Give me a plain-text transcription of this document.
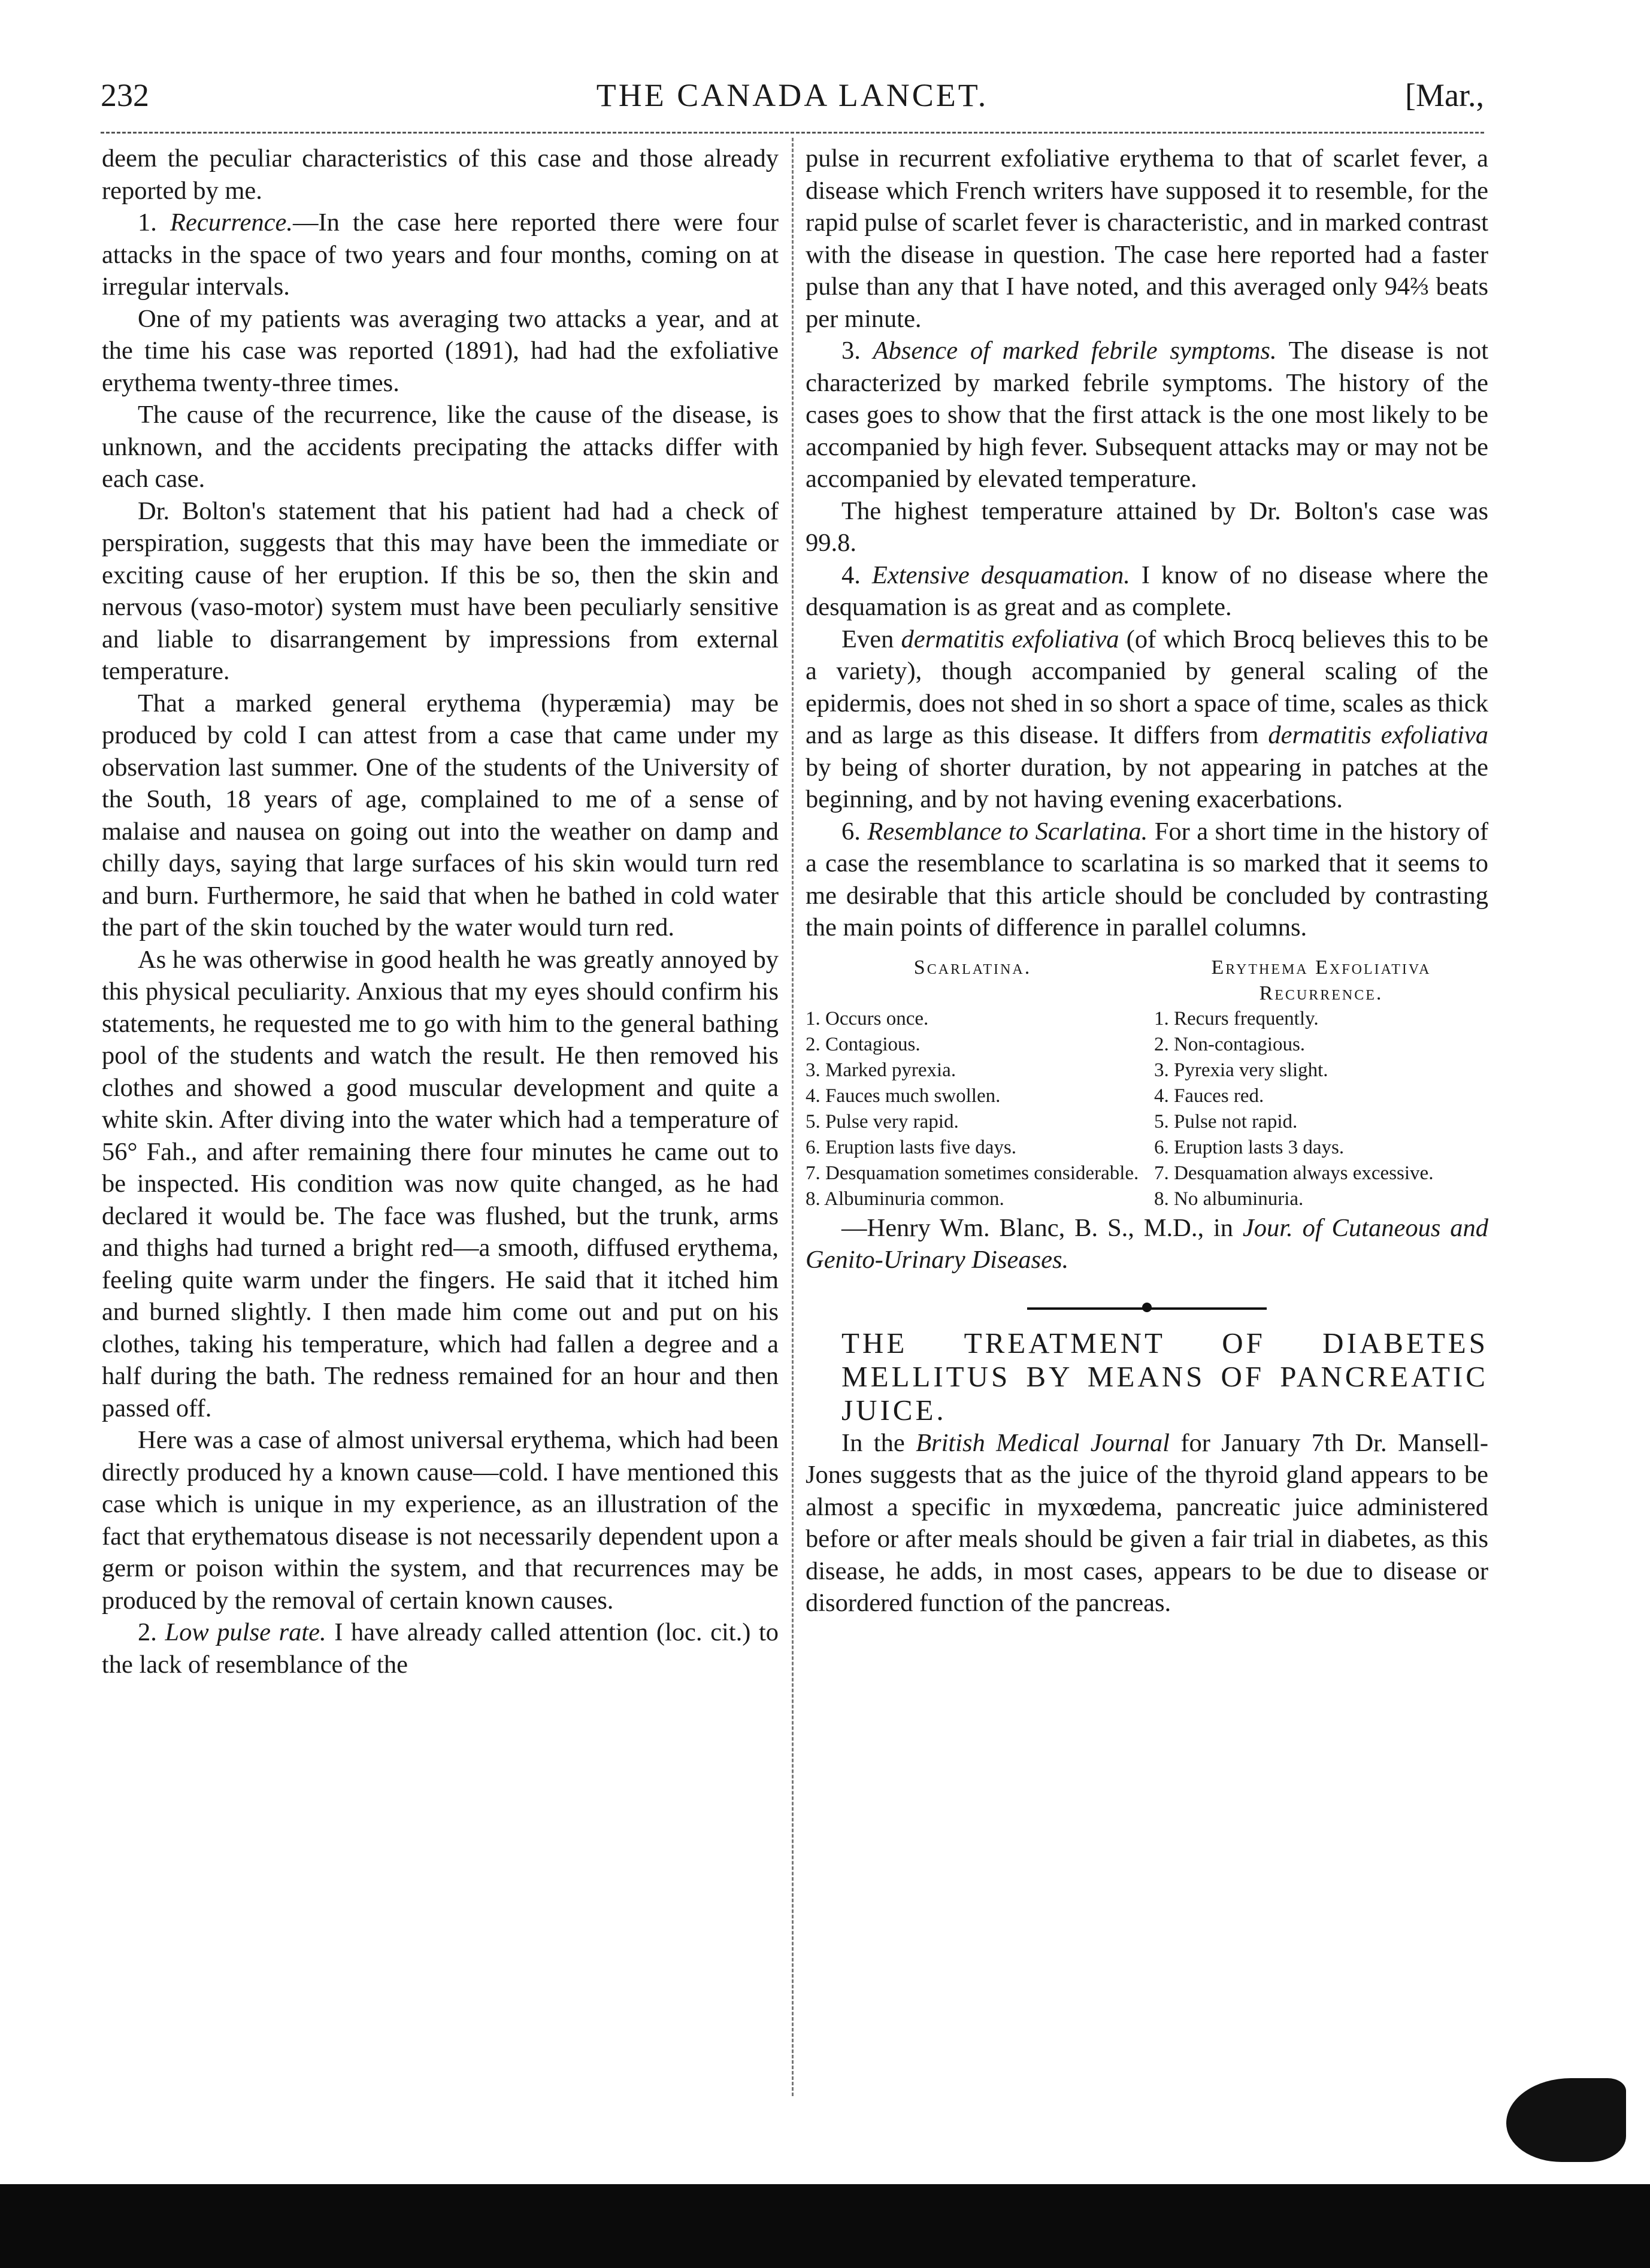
232	THE CANADA LANCET.	[Mar.,

deem the peculiar characteristics of this case and those already reported by me.

1. Recurrence.—In the case here reported there were four attacks in the space of two years and four months, coming on at irregular intervals.

One of my patients was averaging two attacks a year, and at the time his case was reported (1891), had had the exfoliative erythema twenty-three times.

The cause of the recurrence, like the cause of the disease, is unknown, and the accidents precipating the attacks differ with each case.

Dr. Bolton's statement that his patient had had a check of perspiration, suggests that this may have been the immediate or exciting cause of her eruption. If this be so, then the skin and nervous (vaso-motor) system must have been peculiarly sensitive and liable to disarrangement by impressions from external temperature.

That a marked general erythema (hyperæmia) may be produced by cold I can attest from a case that came under my observation last summer. One of the students of the University of the South, 18 years of age, complained to me of a sense of malaise and nausea on going out into the weather on damp and chilly days, saying that large surfaces of his skin would turn red and burn. Furthermore, he said that when he bathed in cold water the part of the skin touched by the water would turn red.

As he was otherwise in good health he was greatly annoyed by this physical peculiarity. Anxious that my eyes should confirm his statements, he requested me to go with him to the general bathing pool of the students and watch the result. He then removed his clothes and showed a good muscular development and quite a white skin. After diving into the water which had a temperature of 56° Fah., and after remaining there four minutes he came out to be inspected. His condition was now quite changed, as he had declared it would be. The face was flushed, but the trunk, arms and thighs had turned a bright red—a smooth, diffused erythema, feeling quite warm under the fingers. He said that it itched him and burned slightly. I then made him come out and put on his clothes, taking his temperature, which had fallen a degree and a half during the bath. The redness remained for an hour and then passed off.

Here was a case of almost universal erythema, which had been directly produced hy a known cause—cold. I have mentioned this case which is unique in my experience, as an illustration of the fact that erythematous disease is not necessarily dependent upon a germ or poison within the system, and that recurrences may be produced by the removal of certain known causes.

2. Low pulse rate. I have already called attention (loc. cit.) to the lack of resemblance of the

pulse in recurrent exfoliative erythema to that of scarlet fever, a disease which French writers have supposed it to resemble, for the rapid pulse of scarlet fever is characteristic, and in marked contrast with the disease in question. The case here reported had a faster pulse than any that I have noted, and this averaged only 94⅔ beats per minute.

3. Absence of marked febrile symptoms. The disease is not characterized by marked febrile symptoms. The history of the cases goes to show that the first attack is the one most likely to be accompanied by high fever. Subsequent attacks may or may not be accompanied by elevated temperature.

The highest temperature attained by Dr. Bolton's case was 99.8.

4. Extensive desquamation. I know of no disease where the desquamation is as great and as complete.

Even dermatitis exfoliativa (of which Brocq believes this to be a variety), though accompanied by general scaling of the epidermis, does not shed in so short a space of time, scales as thick and as large as this disease. It differs from dermatitis exfoliativa by being of shorter duration, by not appearing in patches at the beginning, and by not having evening exacerbations.

6. Resemblance to Scarlatina. For a short time in the history of a case the resemblance to scarlatina is so marked that it seems to me desirable that this article should be concluded by contrasting the main points of difference in parallel columns.

Scarlatina.
1. Occurs once.
2. Contagious.
3. Marked pyrexia.
4. Fauces much swollen.
5. Pulse very rapid.
6. Eruption lasts five days.
7. Desquamation sometimes considerable.
8. Albuminuria common.
Erythema Exfoliativa Recurrence.
1. Recurs frequently.
2. Non-contagious.
3. Pyrexia very slight.
4. Fauces red.
5. Pulse not rapid.
6. Eruption lasts 3 days.
7. Desquamation always excessive.
8. No albuminuria.

—Henry Wm. Blanc, B. S., M.D., in Jour. of Cutaneous and Genito-Urinary Diseases.

THE TREATMENT OF DIABETES MELLITUS BY MEANS OF PANCREATIC JUICE.

In the British Medical Journal for January 7th Dr. Mansell-Jones suggests that as the juice of the thyroid gland appears to be almost a specific in myxœdema, pancreatic juice administered before or after meals should be given a fair trial in diabetes, as this disease, he adds, in most cases, appears to be due to disease or disordered function of the pancreas.
